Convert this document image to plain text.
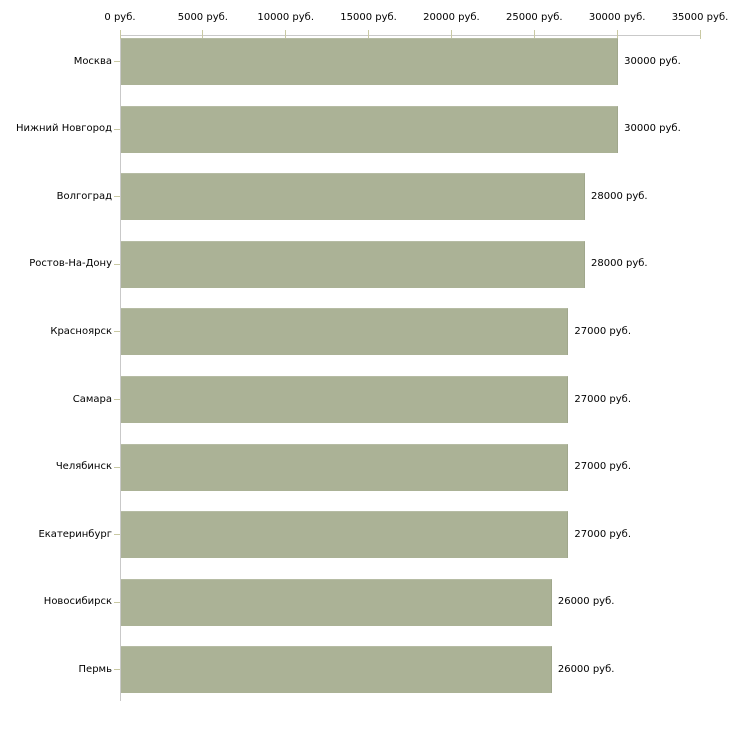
0 руб.	5000 руб.	10000 руб.	15000 руб.	20000 руб.	25000 руб.	30000 руб.	35000 руб.
Москва	30000 руб.
Нижний Новгород	30000 руб.
Волгоград	28000 руб.
Ростов-На-Дону	28000 руб.
Красноярск	27000 руб.
Самара	27000 руб.
Челябинск	27000 руб.
Екатеринбург	27000 руб.
Новосибирск	26000 руб.
Пермь	26000 руб.
